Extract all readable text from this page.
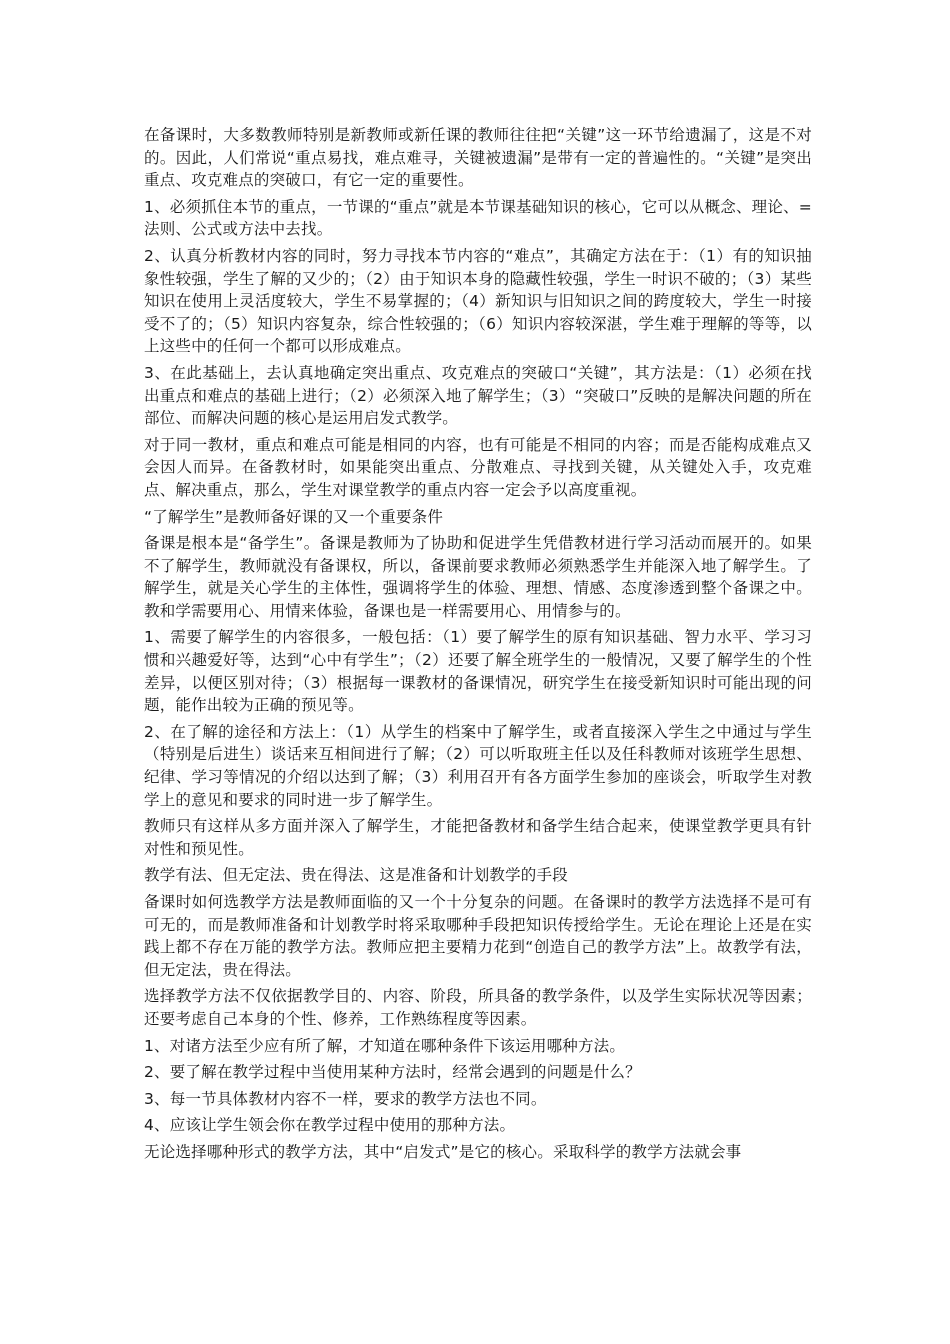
在备课时，大多数教师特别是新教师或新任课的教师往往把“关键”这一环节给遗漏了，这是不对的。因此，人们常说“重点易找，难点难寻，关键被遗漏”是带有一定的普遍性的。“关键”是突出重点、攻克难点的突破口，有它一定的重要性。

1、必须抓住本节的重点，一节课的“重点”就是本节课基础知识的核心，它可以从概念、理论、=法则、公式或方法中去找。

2、认真分析教材内容的同时，努力寻找本节内容的“难点”，其确定方法在于：（1）有的知识抽象性较强，学生了解的又少的；（2）由于知识本身的隐藏性较强，学生一时识不破的；（3）某些知识在使用上灵活度较大，学生不易掌握的；（4）新知识与旧知识之间的跨度较大，学生一时接受不了的；（5）知识内容复杂，综合性较强的；（6）知识内容较深湛，学生难于理解的等等，以上这些中的任何一个都可以形成难点。

3、在此基础上，去认真地确定突出重点、攻克难点的突破口“关键”，其方法是：（1）必须在找出重点和难点的基础上进行；（2）必须深入地了解学生；（3）“突破口”反映的是解决问题的所在部位、而解决问题的核心是运用启发式教学。

对于同一教材，重点和难点可能是相同的内容，也有可能是不相同的内容；而是否能构成难点又会因人而异。在备教材时，如果能突出重点、分散难点、寻找到关键，从关键处入手，攻克难点、解决重点，那么，学生对课堂教学的重点内容一定会予以高度重视。

“了解学生”是教师备好课的又一个重要条件

备课是根本是“备学生”。备课是教师为了协助和促进学生凭借教材进行学习活动而展开的。如果不了解学生，教师就没有备课权，所以，备课前要求教师必须熟悉学生并能深入地了解学生。了解学生，就是关心学生的主体性，强调将学生的体验、理想、情感、态度渗透到整个备课之中。教和学需要用心、用情来体验，备课也是一样需要用心、用情参与的。

1、需要了解学生的内容很多，一般包括：（1）要了解学生的原有知识基础、智力水平、学习习惯和兴趣爱好等，达到“心中有学生”；（2）还要了解全班学生的一般情况，又要了解学生的个性差异，以便区别对待；（3）根据每一课教材的备课情况，研究学生在接受新知识时可能出现的问题，能作出较为正确的预见等。

2、在了解的途径和方法上：（1）从学生的档案中了解学生，或者直接深入学生之中通过与学生（特别是后进生）谈话来互相间进行了解；（2）可以听取班主任以及任科教师对该班学生思想、纪律、学习等情况的介绍以达到了解；（3）利用召开有各方面学生参加的座谈会，听取学生对教学上的意见和要求的同时进一步了解学生。

教师只有这样从多方面并深入了解学生，才能把备教材和备学生结合起来，使课堂教学更具有针对性和预见性。

教学有法、但无定法、贵在得法、这是准备和计划教学的手段

备课时如何选教学方法是教师面临的又一个十分复杂的问题。在备课时的教学方法选择不是可有可无的，而是教师准备和计划教学时将采取哪种手段把知识传授给学生。无论在理论上还是在实践上都不存在万能的教学方法。教师应把主要精力花到“创造自己的教学方法”上。故教学有法，但无定法，贵在得法。

选择教学方法不仅依据教学目的、内容、阶段，所具备的教学条件，以及学生实际状况等因素；还要考虑自己本身的个性、修养，工作熟练程度等因素。

1、对诸方法至少应有所了解，才知道在哪种条件下该运用哪种方法。

2、要了解在教学过程中当使用某种方法时，经常会遇到的问题是什么？

3、每一节具体教材内容不一样，要求的教学方法也不同。

4、应该让学生领会你在教学过程中使用的那种方法。

无论选择哪种形式的教学方法，其中“启发式”是它的核心。采取科学的教学方法就会事
